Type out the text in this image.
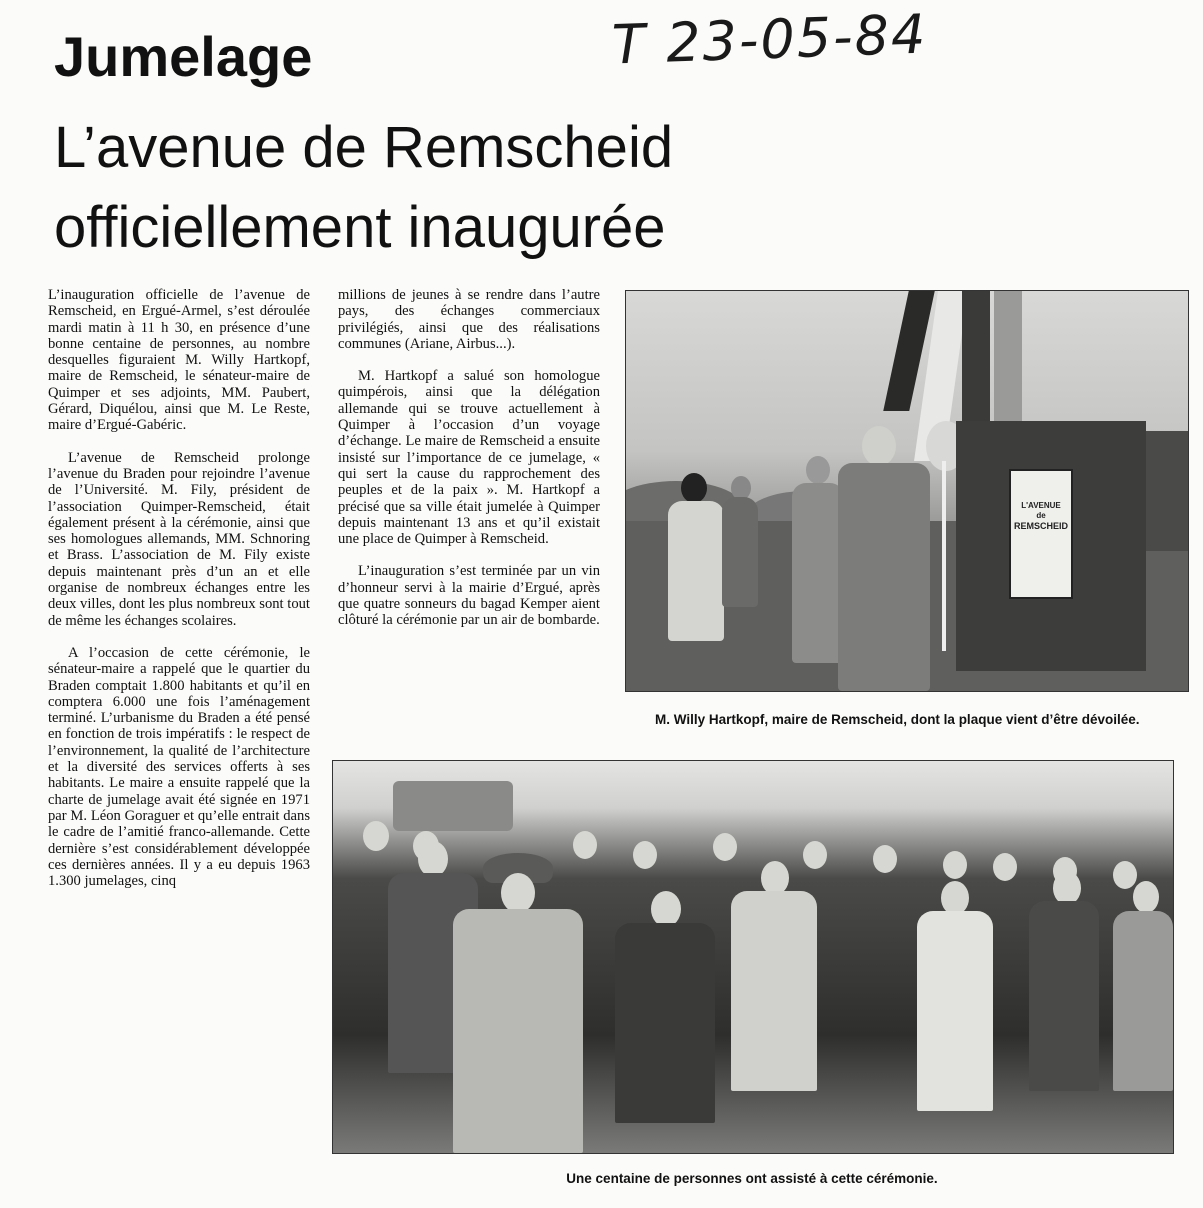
Jumelage	T 23-05-84
L’avenue de Remscheid
officiellement inaugurée

L’inauguration officielle de l’avenue de Remscheid, en Ergué-Armel, s’est déroulée mardi matin à 11 h 30, en présence d’une bonne centaine de personnes, au nombre desquelles figuraient M. Willy Hartkopf, maire de Remscheid, le sénateur-maire de Quimper et ses adjoints, MM. Paubert, Gérard, Diquélou, ainsi que M. Le Reste, maire d’Ergué-Gabéric.

L’avenue de Remscheid prolonge l’avenue du Braden pour rejoindre l’avenue de l’Université. M. Fily, président de l’association Quimper-Remscheid, était également présent à la cérémonie, ainsi que ses homologues allemands, MM. Schnoring et Brass. L’association de M. Fily existe depuis maintenant près d’un an et elle organise de nombreux échanges entre les deux villes, dont les plus nombreux sont tout de même les échanges scolaires.

A l’occasion de cette cérémonie, le sénateur-maire a rappelé que le quartier du Braden comptait 1.800 habitants et qu’il en comptera 6.000 une fois l’aménagement terminé. L’urbanisme du Braden a été pensé en fonction de trois impératifs : le respect de l’environnement, la qualité de l’architecture et la diversité des services offerts à ses habitants. Le maire a ensuite rappelé que la charte de jumelage avait été signée en 1971 par M. Léon Goraguer et qu’elle entrait dans le cadre de l’amitié franco-allemande. Cette dernière s’est considérablement développée ces dernières années. Il y a eu depuis 1963 1.300 jumelages, cinq

millions de jeunes à se rendre dans l’autre pays, des échanges commerciaux privilégiés, ainsi que des réalisations communes (Ariane, Airbus...).

M. Hartkopf a salué son homologue quimpérois, ainsi que la délégation allemande qui se trouve actuellement à Quimper à l’occasion d’un voyage d’échange. Le maire de Remscheid a ensuite insisté sur l’importance de ce jumelage, « qui sert la cause du rapprochement des peuples et de la paix ». M. Hartkopf a précisé que sa ville était jumelée à Quimper depuis maintenant 13 ans et qu’il existait une place de Quimper à Remscheid.

L’inauguration s’est terminée par un vin d’honneur servi à la mairie d’Ergué, après que quatre sonneurs du bagad Kemper aient clôturé la cérémonie par un air de bombarde.

L'AVENUE
de
REMSCHEID
M. Willy Hartkopf, maire de Remscheid, dont la plaque vient d’être dévoilée.
Une centaine de personnes ont assisté à cette cérémonie.
